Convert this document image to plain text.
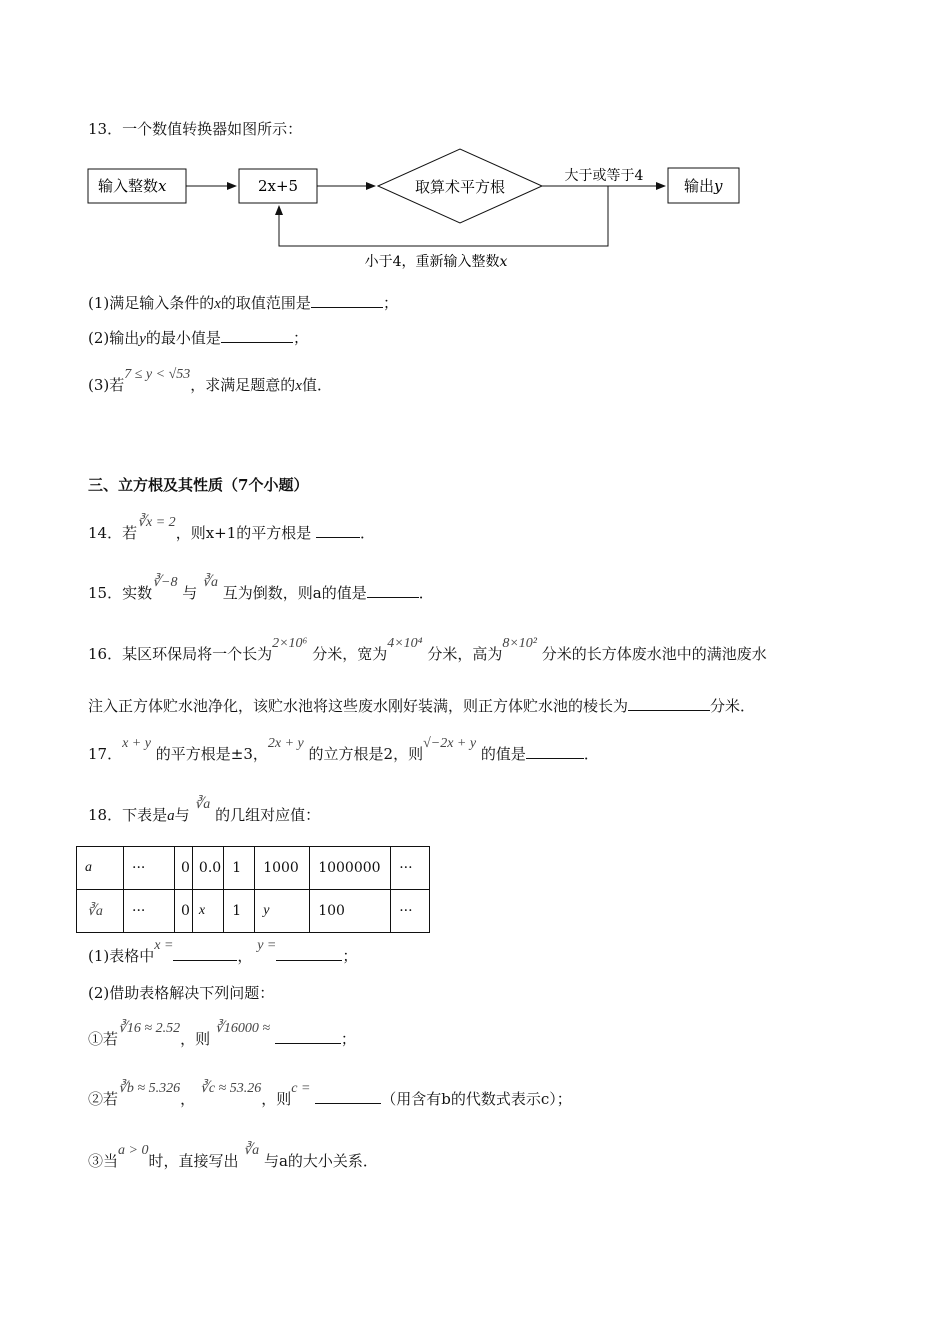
13．一个数值转换器如图所示：
输入整数x	2x+5	取算术平方根
大于或等于4
输出y
小于4，重新输入整数x
(1)满足输入条件的x的取值范围是	；
(2)输出y的最小值是	；
(3)若7 ≤ y < √53，求满足题意的x值．
三、立方根及其性质（7个小题）
14．若∛x = 2，则x+1的平方根是	．
15．实数∛−8 与 ∛a 互为倒数，则a的值是	．
16．某区环保局将一个长为2×10⁶ 分米，宽为4×10⁴ 分米，高为8×10² 分米的长方体废水池中的满池废水
注入正方体贮水池净化，该贮水池将这些废水刚好装满，则正方体贮水池的棱长为	分米．
17．x + y 的平方根是±3，2x + y 的立方根是2，则√−2x + y 的值是	．
18．下表是a与 ∛a 的几组对应值：
a	···	0	0.0	1	1000	1000000	···
∛a	···	0	x	1	y	100	···
(1)表格中x =， y =；
(2)借助表格解决下列问题：
①若∛16 ≈ 2.52，则 ∛16000 ≈ ；
②若∛b ≈ 5.326， ∛c ≈ 53.26，则c = （用含有b的代数式表示c）；
③当a > 0时，直接写出 ∛a 与a的大小关系．
